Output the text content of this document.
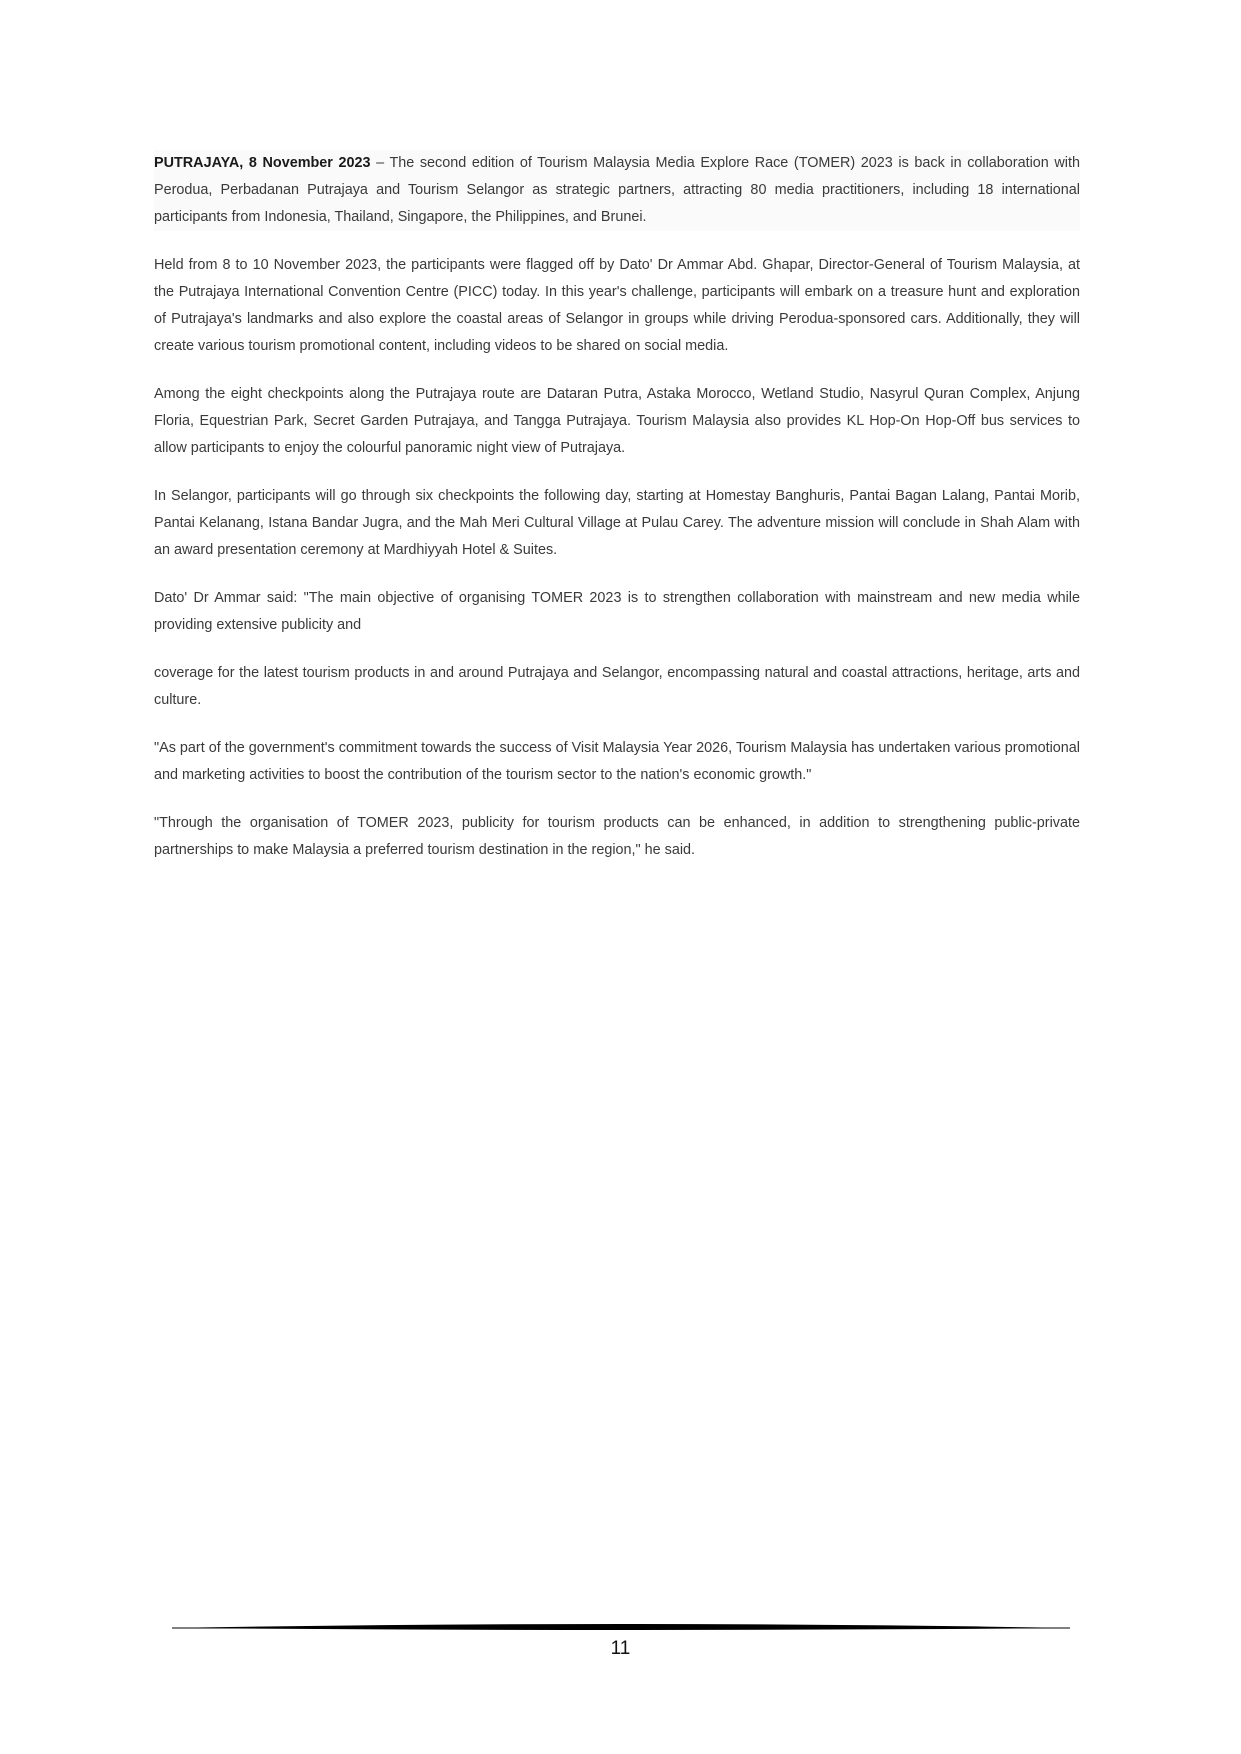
PUTRAJAYA, 8 November 2023 – The second edition of Tourism Malaysia Media Explore Race (TOMER) 2023 is back in collaboration with Perodua, Perbadanan Putrajaya and Tourism Selangor as strategic partners, attracting 80 media practitioners, including 18 international participants from Indonesia, Thailand, Singapore, the Philippines, and Brunei.

Held from 8 to 10 November 2023, the participants were flagged off by Dato' Dr Ammar Abd. Ghapar, Director-General of Tourism Malaysia, at the Putrajaya International Convention Centre (PICC) today. In this year's challenge, participants will embark on a treasure hunt and exploration of Putrajaya's landmarks and also explore the coastal areas of Selangor in groups while driving Perodua-sponsored cars. Additionally, they will create various tourism promotional content, including videos to be shared on social media.

Among the eight checkpoints along the Putrajaya route are Dataran Putra, Astaka Morocco, Wetland Studio, Nasyrul Quran Complex, Anjung Floria, Equestrian Park, Secret Garden Putrajaya, and Tangga Putrajaya. Tourism Malaysia also provides KL Hop-On Hop-Off bus services to allow participants to enjoy the colourful panoramic night view of Putrajaya.

In Selangor, participants will go through six checkpoints the following day, starting at Homestay Banghuris, Pantai Bagan Lalang, Pantai Morib, Pantai Kelanang, Istana Bandar Jugra, and the Mah Meri Cultural Village at Pulau Carey. The adventure mission will conclude in Shah Alam with an award presentation ceremony at Mardhiyyah Hotel & Suites.

Dato' Dr Ammar said: "The main objective of organising TOMER 2023 is to strengthen collaboration with mainstream and new media while providing extensive publicity and

coverage for the latest tourism products in and around Putrajaya and Selangor, encompassing natural and coastal attractions, heritage, arts and culture.

"As part of the government's commitment towards the success of Visit Malaysia Year 2026, Tourism Malaysia has undertaken various promotional and marketing activities to boost the contribution of the tourism sector to the nation's economic growth."

"Through the organisation of TOMER 2023, publicity for tourism products can be enhanced, in addition to strengthening public-private partnerships to make Malaysia a preferred tourism destination in the region," he said.

11
